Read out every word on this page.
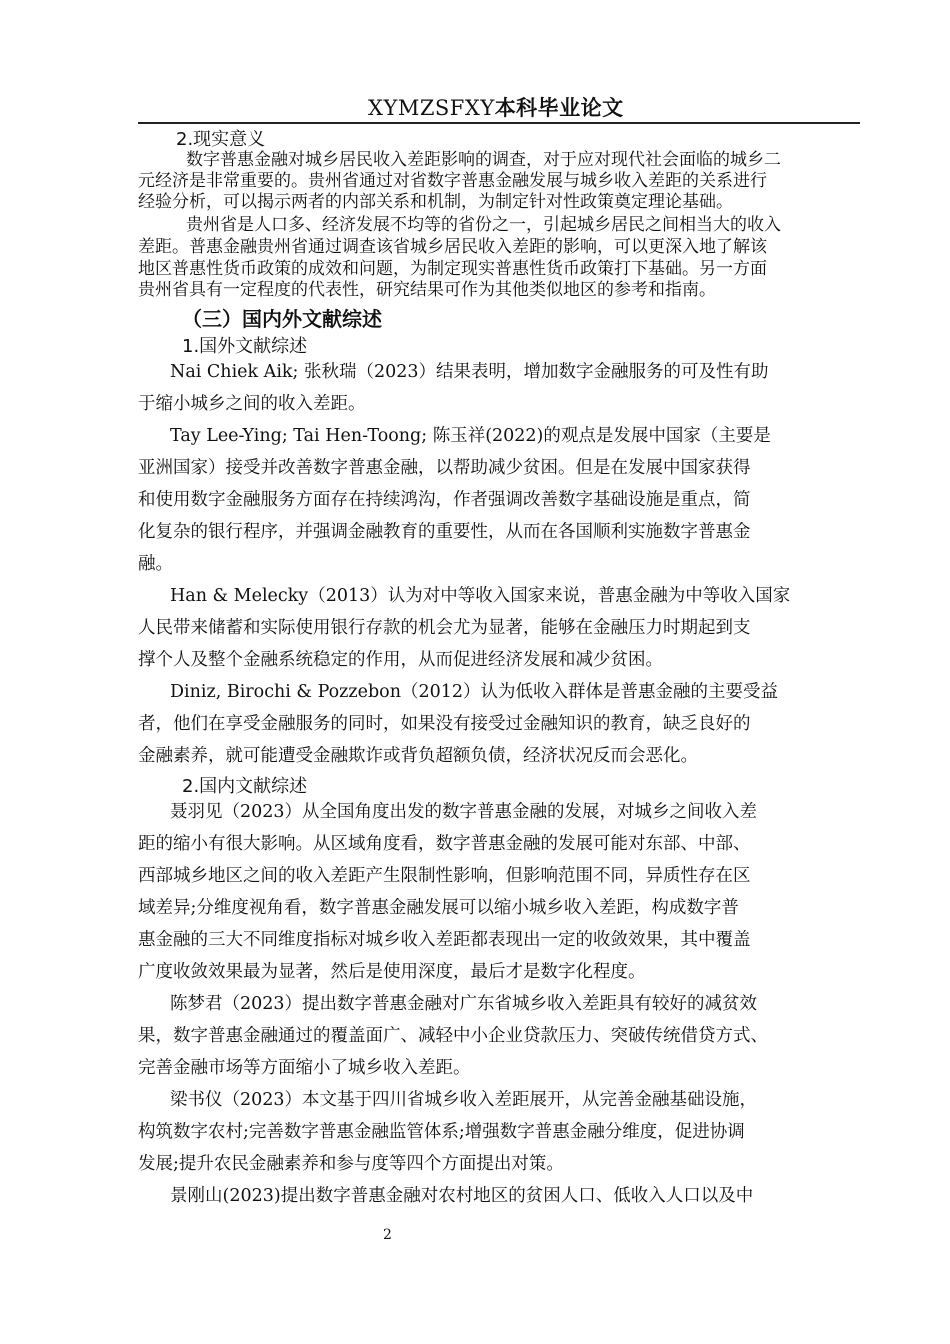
XYMZSFXY本科毕业论文
2.现实意义
数字普惠金融对城乡居民收入差距影响的调查，对于应对现代社会面临的城乡二
元经济是非常重要的。贵州省通过对省数字普惠金融发展与城乡收入差距的关系进行
经验分析，可以揭示两者的内部关系和机制，为制定针对性政策奠定理论基础。
贵州省是人口多、经济发展不均等的省份之一，引起城乡居民之间相当大的收入
差距。普惠金融贵州省通过调查该省城乡居民收入差距的影响，可以更深入地了解该
地区普惠性货币政策的成效和问题，为制定现实普惠性货币政策打下基础。另一方面
贵州省具有一定程度的代表性，研究结果可作为其他类似地区的参考和指南。
（三）国内外文献综述
1.国外文献综述
Nai Chiek Aik; 张秋瑞（2023）结果表明，增加数字金融服务的可及性有助
于缩小城乡之间的收入差距。
Tay Lee-Ying; Tai Hen-Toong; 陈玉祥(2022)的观点是发展中国家（主要是
亚洲国家）接受并改善数字普惠金融，以帮助减少贫困。但是在发展中国家获得
和使用数字金融服务方面存在持续鸿沟，作者强调改善数字基础设施是重点，简
化复杂的银行程序，并强调金融教育的重要性，从而在各国顺利实施数字普惠金
融。
Han & Melecky（2013）认为对中等收入国家来说，普惠金融为中等收入国家
人民带来储蓄和实际使用银行存款的机会尤为显著，能够在金融压力时期起到支
撑个人及整个金融系统稳定的作用，从而促进经济发展和减少贫困。
Diniz, Birochi & Pozzebon（2012）认为低收入群体是普惠金融的主要受益
者，他们在享受金融服务的同时，如果没有接受过金融知识的教育，缺乏良好的
金融素养，就可能遭受金融欺诈或背负超额负债，经济状况反而会恶化。
2.国内文献综述
聂羽见（2023）从全国角度出发的数字普惠金融的发展，对城乡之间收入差
距的缩小有很大影响。从区域角度看，数字普惠金融的发展可能对东部、中部、
西部城乡地区之间的收入差距产生限制性影响，但影响范围不同，异质性存在区
域差异;分维度视角看，数字普惠金融发展可以缩小城乡收入差距，构成数字普
惠金融的三大不同维度指标对城乡收入差距都表现出一定的收敛效果，其中覆盖
广度收敛效果最为显著，然后是使用深度，最后才是数字化程度。
陈梦君（2023）提出数字普惠金融对广东省城乡收入差距具有较好的减贫效
果，数字普惠金融通过的覆盖面广、减轻中小企业贷款压力、突破传统借贷方式、
完善金融市场等方面缩小了城乡收入差距。
梁书仪（2023）本文基于四川省城乡收入差距展开，从完善金融基础设施，
构筑数字农村;完善数字普惠金融监管体系;增强数字普惠金融分维度，促进协调
发展;提升农民金融素养和参与度等四个方面提出对策。
景刚山(2023)提出数字普惠金融对农村地区的贫困人口、低收入人口以及中
2
